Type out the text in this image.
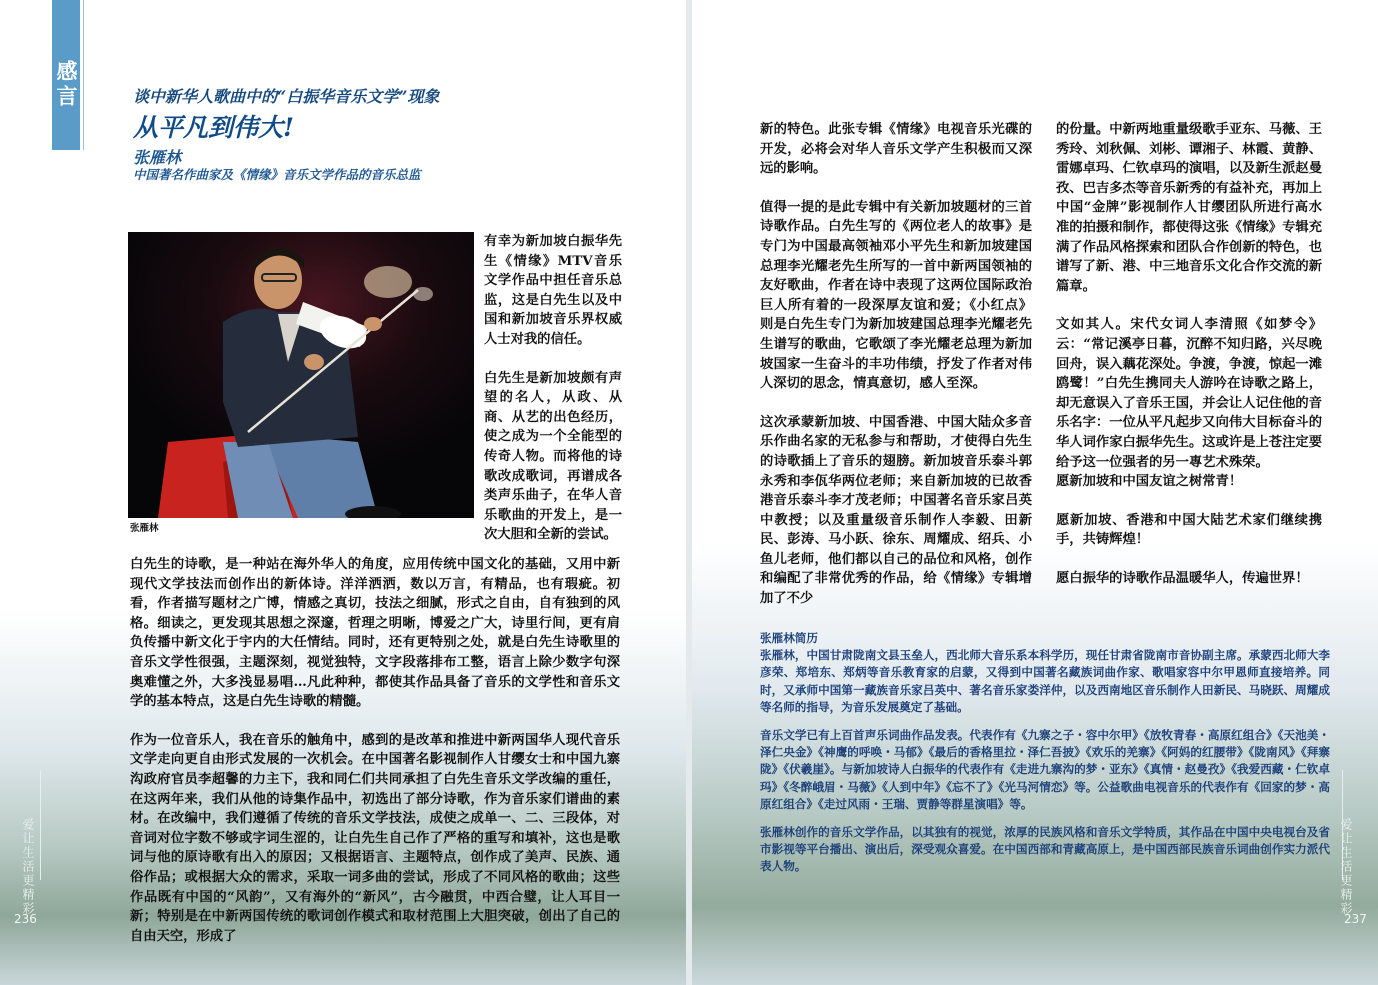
感言	谈中新华人歌曲中的“白振华音乐文学”现象
从平凡到伟大!
张雁林
中国著名作曲家及《情缘》音乐文学作品的音乐总监
张雁林

有幸为新加坡白振华先生《情缘》MTV音乐文学作品中担任音乐总监，这是白先生以及中国和新加坡音乐界权威人士对我的信任。

白先生是新加坡颇有声望的名人，从政、从商、从艺的出色经历，使之成为一个全能型的传奇人物。而将他的诗歌改成歌词，再谱成各类声乐曲子，在华人音乐歌曲的开发上，是一次大胆和全新的尝试。

白先生的诗歌，是一种站在海外华人的角度，应用传统中国文化的基础，又用中新现代文学技法而创作出的新体诗。洋洋洒洒，数以万言，有精品，也有瑕疵。初看，作者描写题材之广博，情感之真切，技法之细腻，形式之自由，自有独到的风格。细读之，更发现其思想之深邃，哲理之明晰，博爱之广大，诗里行间，更有肩负传播中新文化于宇内的大任情结。同时，还有更特别之处，就是白先生诗歌里的音乐文学性很强，主题深刻，视觉独特，文字段落排布工整，语言上除少数字句深奥难懂之外，大多浅显易唱…凡此种种，都使其作品具备了音乐的文学性和音乐文学的基本特点，这是白先生诗歌的精髓。

作为一位音乐人，我在音乐的触角中，感到的是改革和推进中新两国华人现代音乐文学走向更自由形式发展的一次机会。在中国著名影视制作人甘缨女士和中国九寨沟政府官员李超馨的力主下，我和同仁们共同承担了白先生音乐文学改编的重任，在这两年来，我们从他的诗集作品中，初选出了部分诗歌，作为音乐家们谱曲的素材。在改编中，我们遵循了传统的音乐文学技法，成使之成单一、二、三段体，对音词对位字数不够或字词生涩的，让白先生自己作了严格的重写和填补，这也是歌词与他的原诗歌有出入的原因；又根据语言、主题特点，创作成了美声、民族、通俗作品；或根据大众的需求，采取一词多曲的尝试，形成了不同风格的歌曲；这些作品既有中国的“风韵”，又有海外的“新风”，古今融贯，中西合璧，让人耳目一新；特别是在中新两国传统的歌词创作模式和取材范围上大胆突破，创出了自己的自由天空，形成了

爱让生活更精彩
236

新的特色。此张专辑《情缘》电视音乐光碟的开发，必将会对华人音乐文学产生积极而又深远的影响。

值得一提的是此专辑中有关新加坡题材的三首诗歌作品。白先生写的《两位老人的故事》是专门为中国最高领袖邓小平先生和新加坡建国总理李光耀老先生所写的一首中新两国领袖的友好歌曲，作者在诗中表现了这两位国际政治巨人所有着的一段深厚友谊和爱；《小红点》则是白先生专门为新加坡建国总理李光耀老先生谱写的歌曲，它歌颂了李光耀老总理为新加坡国家一生奋斗的丰功伟绩，抒发了作者对伟人深切的思念，情真意切，感人至深。

这次承蒙新加坡、中国香港、中国大陆众多音乐作曲名家的无私参与和帮助，才使得白先生的诗歌插上了音乐的翅膀。新加坡音乐泰斗郭永秀和李佤华两位老师；来自新加坡的已故香港音乐泰斗李才茂老师；中国著名音乐家吕英中教授；以及重量级音乐制作人李毅、田新民、彭涛、马小跃、徐东、周耀成、绍兵、小鱼儿老师，他们都以自己的品位和风格，创作和编配了非常优秀的作品，给《情缘》专辑增加了不少

的份量。中新两地重量级歌手亚东、马薇、王秀玲、刘秋佩、刘彬、谭湘子、林霞、黄静、雷娜卓玛、仁钦卓玛的演唱，以及新生派赵曼孜、巴吉多杰等音乐新秀的有益补充，再加上中国“金牌”影视制作人甘缨团队所进行高水准的拍摄和制作，都使得这张《情缘》专辑充满了作品风格探索和团队合作创新的特色，也谱写了新、港、中三地音乐文化合作交流的新篇章。

文如其人。宋代女词人李清照《如梦令》云：“常记溪亭日暮，沉醉不知归路，兴尽晚回舟，误入藕花深处。争渡，争渡，惊起一滩鸥鹭！”白先生携同夫人游吟在诗歌之路上，却无意误入了音乐王国，并会让人记住他的音乐名字：一位从平凡起步又向伟大目标奋斗的华人词作家白振华先生。这或许是上苍注定要给予这一位强者的另一專艺术殊荣。

愿新加坡和中国友谊之树常青！

愿新加坡、香港和中国大陆艺术家们继续携手，共铸辉煌！

愿白振华的诗歌作品温暖华人，传遍世界！

爱让生活更精彩
237

张雁林简历

张雁林，中国甘肃陇南文县玉垒人，西北师大音乐系本科学历，现任甘肃省陇南市音协副主席。承蒙西北师大李彦荣、郑培东、郑炳等音乐教育家的启蒙，又得到中国著名藏族词曲作家、歌唱家容中尔甲恩师直接培养。同时，又承师中国第一藏族音乐家吕英中、著名音乐家娄洋仲，以及西南地区音乐制作人田新民、马晓跃、周耀成等名师的指导，为音乐发展奠定了基础。

音乐文学已有上百首声乐词曲作品发表。代表作有《九寨之子・容中尔甲》《放牧青春・高原红组合》《天池美・泽仁央金》《神鹰的呼唤・马郁》《最后的香格里拉・泽仁吾披》《欢乐的羌寨》《阿妈的红腰带》《陇南风》《拜寨陇》《伏羲崖》。与新加坡诗人白振华的代表作有《走进九寨沟的梦・亚东》《真情・赵曼孜》《我爱西藏・仁钦卓玛》《冬醉峨眉・马薇》《人到中年》《忘不了》《光马河情恋》等。公益歌曲电视音乐的代表作有《回家的梦・高原红组合》《走过风雨・王瑞、贾静等群星演唱》等。

张雁林创作的音乐文学作品，以其独有的视觉，浓厚的民族风格和音乐文学特质，其作品在中国中央电视台及省市影视等平台播出、演出后，深受观众喜爱。在中国西部和青藏高原上，是中国西部民族音乐词曲创作实力派代表人物。
